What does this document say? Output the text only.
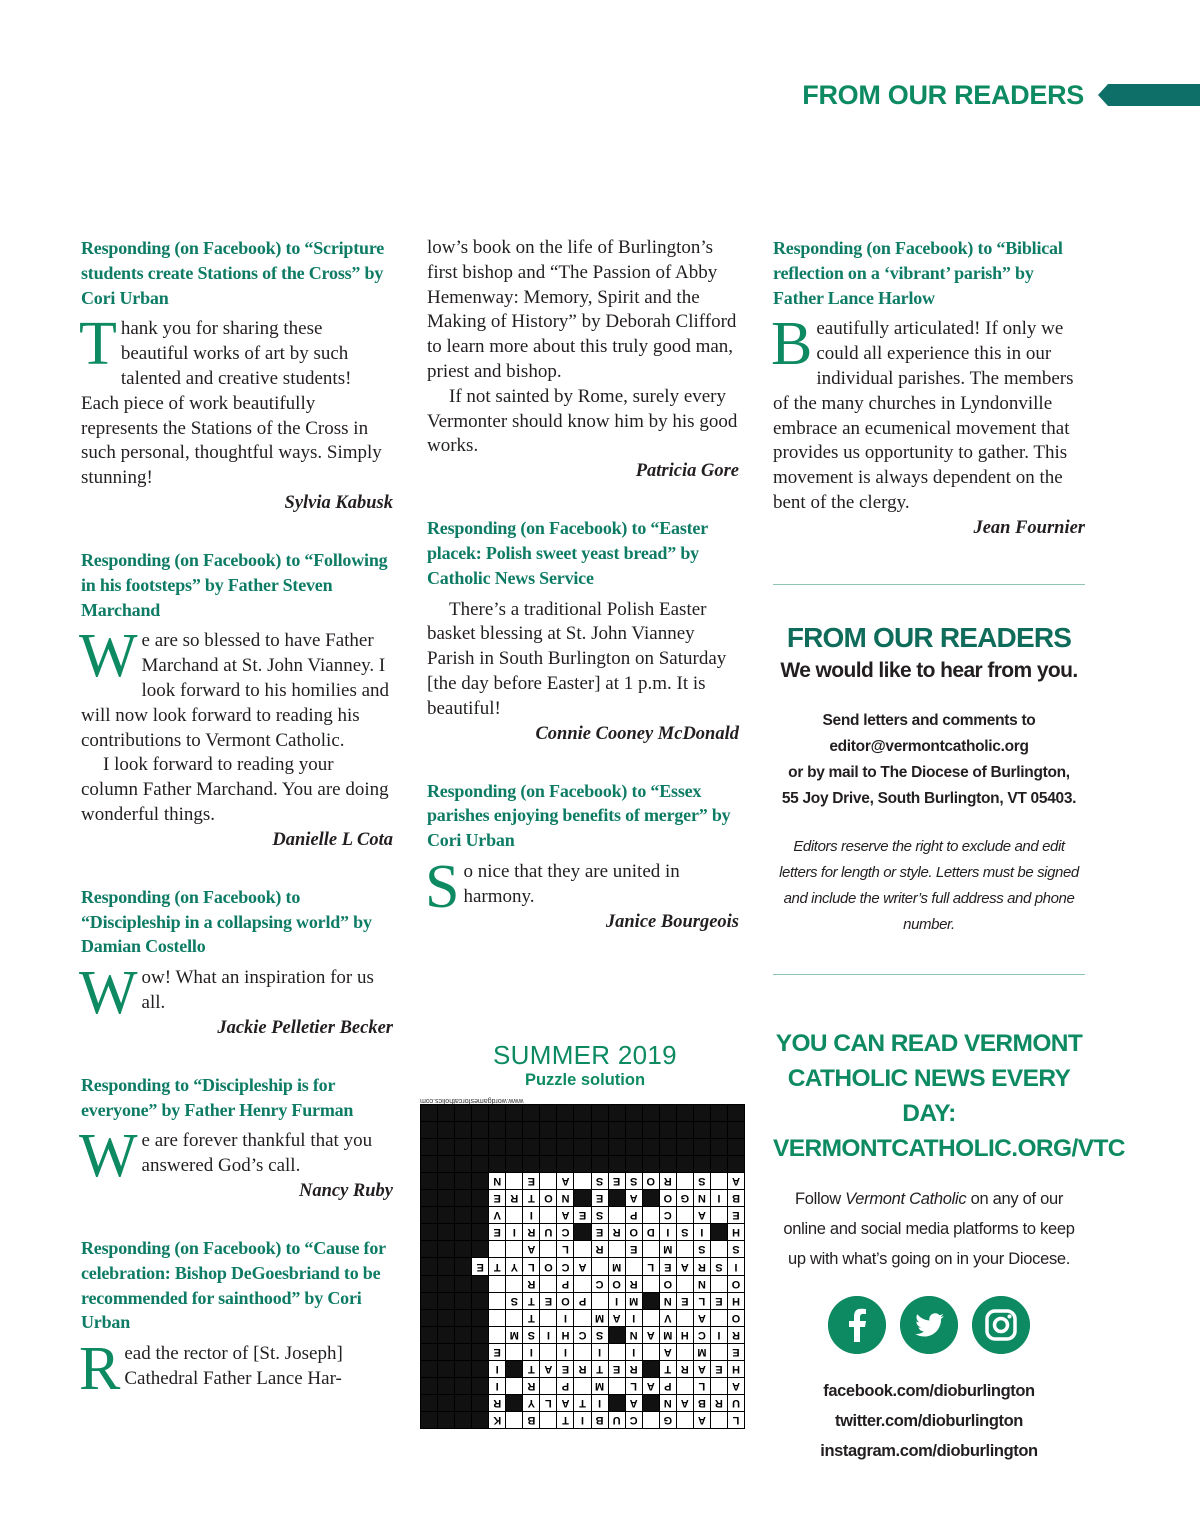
FROM OUR READERS

Responding (on Facebook) to “Scripture students create Stations of the Cross” by Cori Urban

Thank you for sharing these beautiful works of art by such talented and creative students! Each piece of work beautifully represents the Stations of the Cross in such personal, thoughtful ways. Simply stunning!

Sylvia Kabusk

Responding (on Facebook) to “Following in his footsteps” by Father Steven Marchand

We are so blessed to have Father Marchand at St. John Vianney. I look forward to his homilies and will now look forward to reading his contributions to Vermont Catholic.

I look forward to reading your column Father Marchand. You are doing wonderful things.

Danielle L Cota

Responding (on Facebook) to “Discipleship in a collapsing world” by Damian Costello

Wow! What an inspiration for us all.

Jackie Pelletier Becker

Responding to “Discipleship is for everyone” by Father Henry Furman

We are forever thankful that you answered God’s call.

Nancy Ruby

Responding (on Facebook) to “Cause for celebration: Bishop DeGoesbriand to be recommended for sainthood” by Cori Urban

Read the rector of [St. Joseph] Cathedral Father Lance Har-

low’s book on the life of Burlington’s first bishop and “The Passion of Abby Hemenway: Memory, Spirit and the Making of History” by Deborah Clifford to learn more about this truly good man, priest and bishop.

If not sainted by Rome, surely every Vermonter should know him by his good works.

Patricia Gore

Responding (on Facebook) to “Easter placek: Polish sweet yeast bread” by Catholic News Service

There’s a traditional Polish Easter basket blessing at St. John Vianney Parish in South Burlington on Saturday [the day before Easter] at 1 p.m. It is beautiful!

Connie Cooney McDonald

Responding (on Facebook) to “Essex parishes enjoying benefits of merger” by Cori Urban

So nice that they are united in harmony.

Janice Bourgeois

Responding (on Facebook) to “Biblical reflection on a ‘vibrant’ parish” by Father Lance Harlow

Beautifully articulated! If only we could all experience this in our individual parishes. The members of the many churches in Lyndonville embrace an ecumenical movement that provides us opportunity to gather. This movement is always dependent on the bent of the clergy.

Jean Fournier

FROM OUR READERS
We would like to hear from you.
Send letters and comments to
editor@vermontcatholic.org
or by mail to The Diocese of Burlington,
55 Joy Drive, South Burlington, VT 05403.
Editors reserve the right to exclude and edit letters for length or style. Letters must be signed and include the writer’s full address and phone number.
YOU CAN READ VERMONT
CATHOLIC NEWS EVERY DAY:
VERMONTCATHOLIC.ORG/VTC
Follow Vermont Catholic on any of our online and social media platforms to keep up with what’s going on in your Diocese.
facebook.com/dioburlington
twitter.com/dioburlington
instagram.com/dioburlington
SUMMER 2019
Puzzle solution
www.wordgamesforcatholics.com
L
A
G
C
U
B
I
T
B
K
U
R
B
A
N
A
I
T
A
L
Y
R
A
L
P
A
L
M
P
R
I
H
E
A
R
T
R
E
T
R
E
A
T
I
E
M
A
I
I
I
I
E
R
I
C
H
M
A
N
S
C
H
I
S
M
O
A
V
I
A
M
I
T
H
E
L
E
N
M
I
P
O
E
T
S
O
N
O
R
O
C
P
R
I
S
R
A
E
L
M
A
C
O
L
Y
T
E
S
S
M
E
R
L
A
H
I
S
I
D
O
R
E
C
U
R
I
E
E
A
C
P
S
E
A
I
V
B
I
N
G
O
A
E
N
O
T
R
E
A
S
R
O
S
E
S
A
E
N
